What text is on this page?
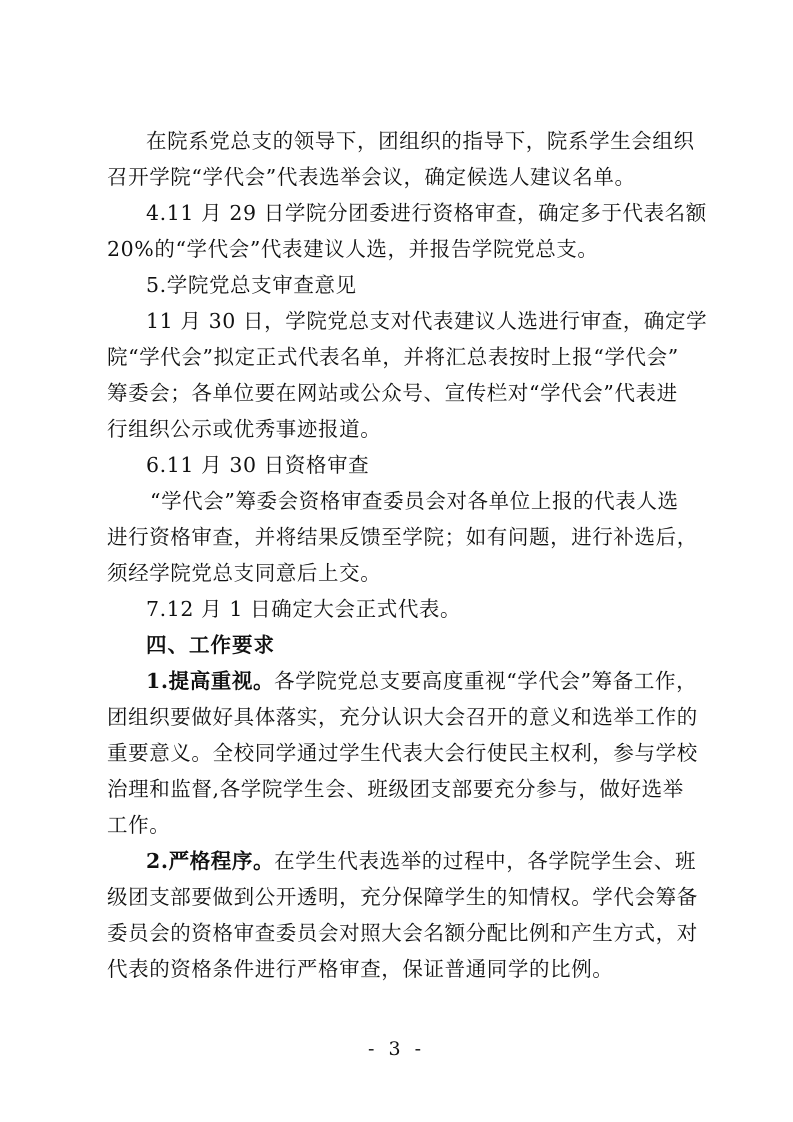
在院系党总支的领导下，团组织的指导下，院系学生会组织
召开学院“学代会”代表选举会议，确定候选人建议名单。
4.11 月 29 日学院分团委进行资格审查，确定多于代表名额
20%的“学代会”代表建议人选，并报告学院党总支。
5.学院党总支审查意见
11 月 30 日，学院党总支对代表建议人选进行审查，确定学
院“学代会”拟定正式代表名单，并将汇总表按时上报“学代会”
筹委会；各单位要在网站或公众号、宣传栏对“学代会”代表进
行组织公示或优秀事迹报道。
6.11 月 30 日资格审查
“学代会”筹委会资格审查委员会对各单位上报的代表人选
进行资格审查，并将结果反馈至学院；如有问题，进行补选后，
须经学院党总支同意后上交。
7.12 月 1 日确定大会正式代表。
四、工作要求
1.提高重视。各学院党总支要高度重视“学代会”筹备工作，
团组织要做好具体落实，充分认识大会召开的意义和选举工作的
重要意义。全校同学通过学生代表大会行使民主权利，参与学校
治理和监督,各学院学生会、班级团支部要充分参与，做好选举
工作。
2.严格程序。在学生代表选举的过程中，各学院学生会、班
级团支部要做到公开透明，充分保障学生的知情权。学代会筹备
委员会的资格审查委员会对照大会名额分配比例和产生方式，对
代表的资格条件进行严格审查，保证普通同学的比例。
- 3 -
